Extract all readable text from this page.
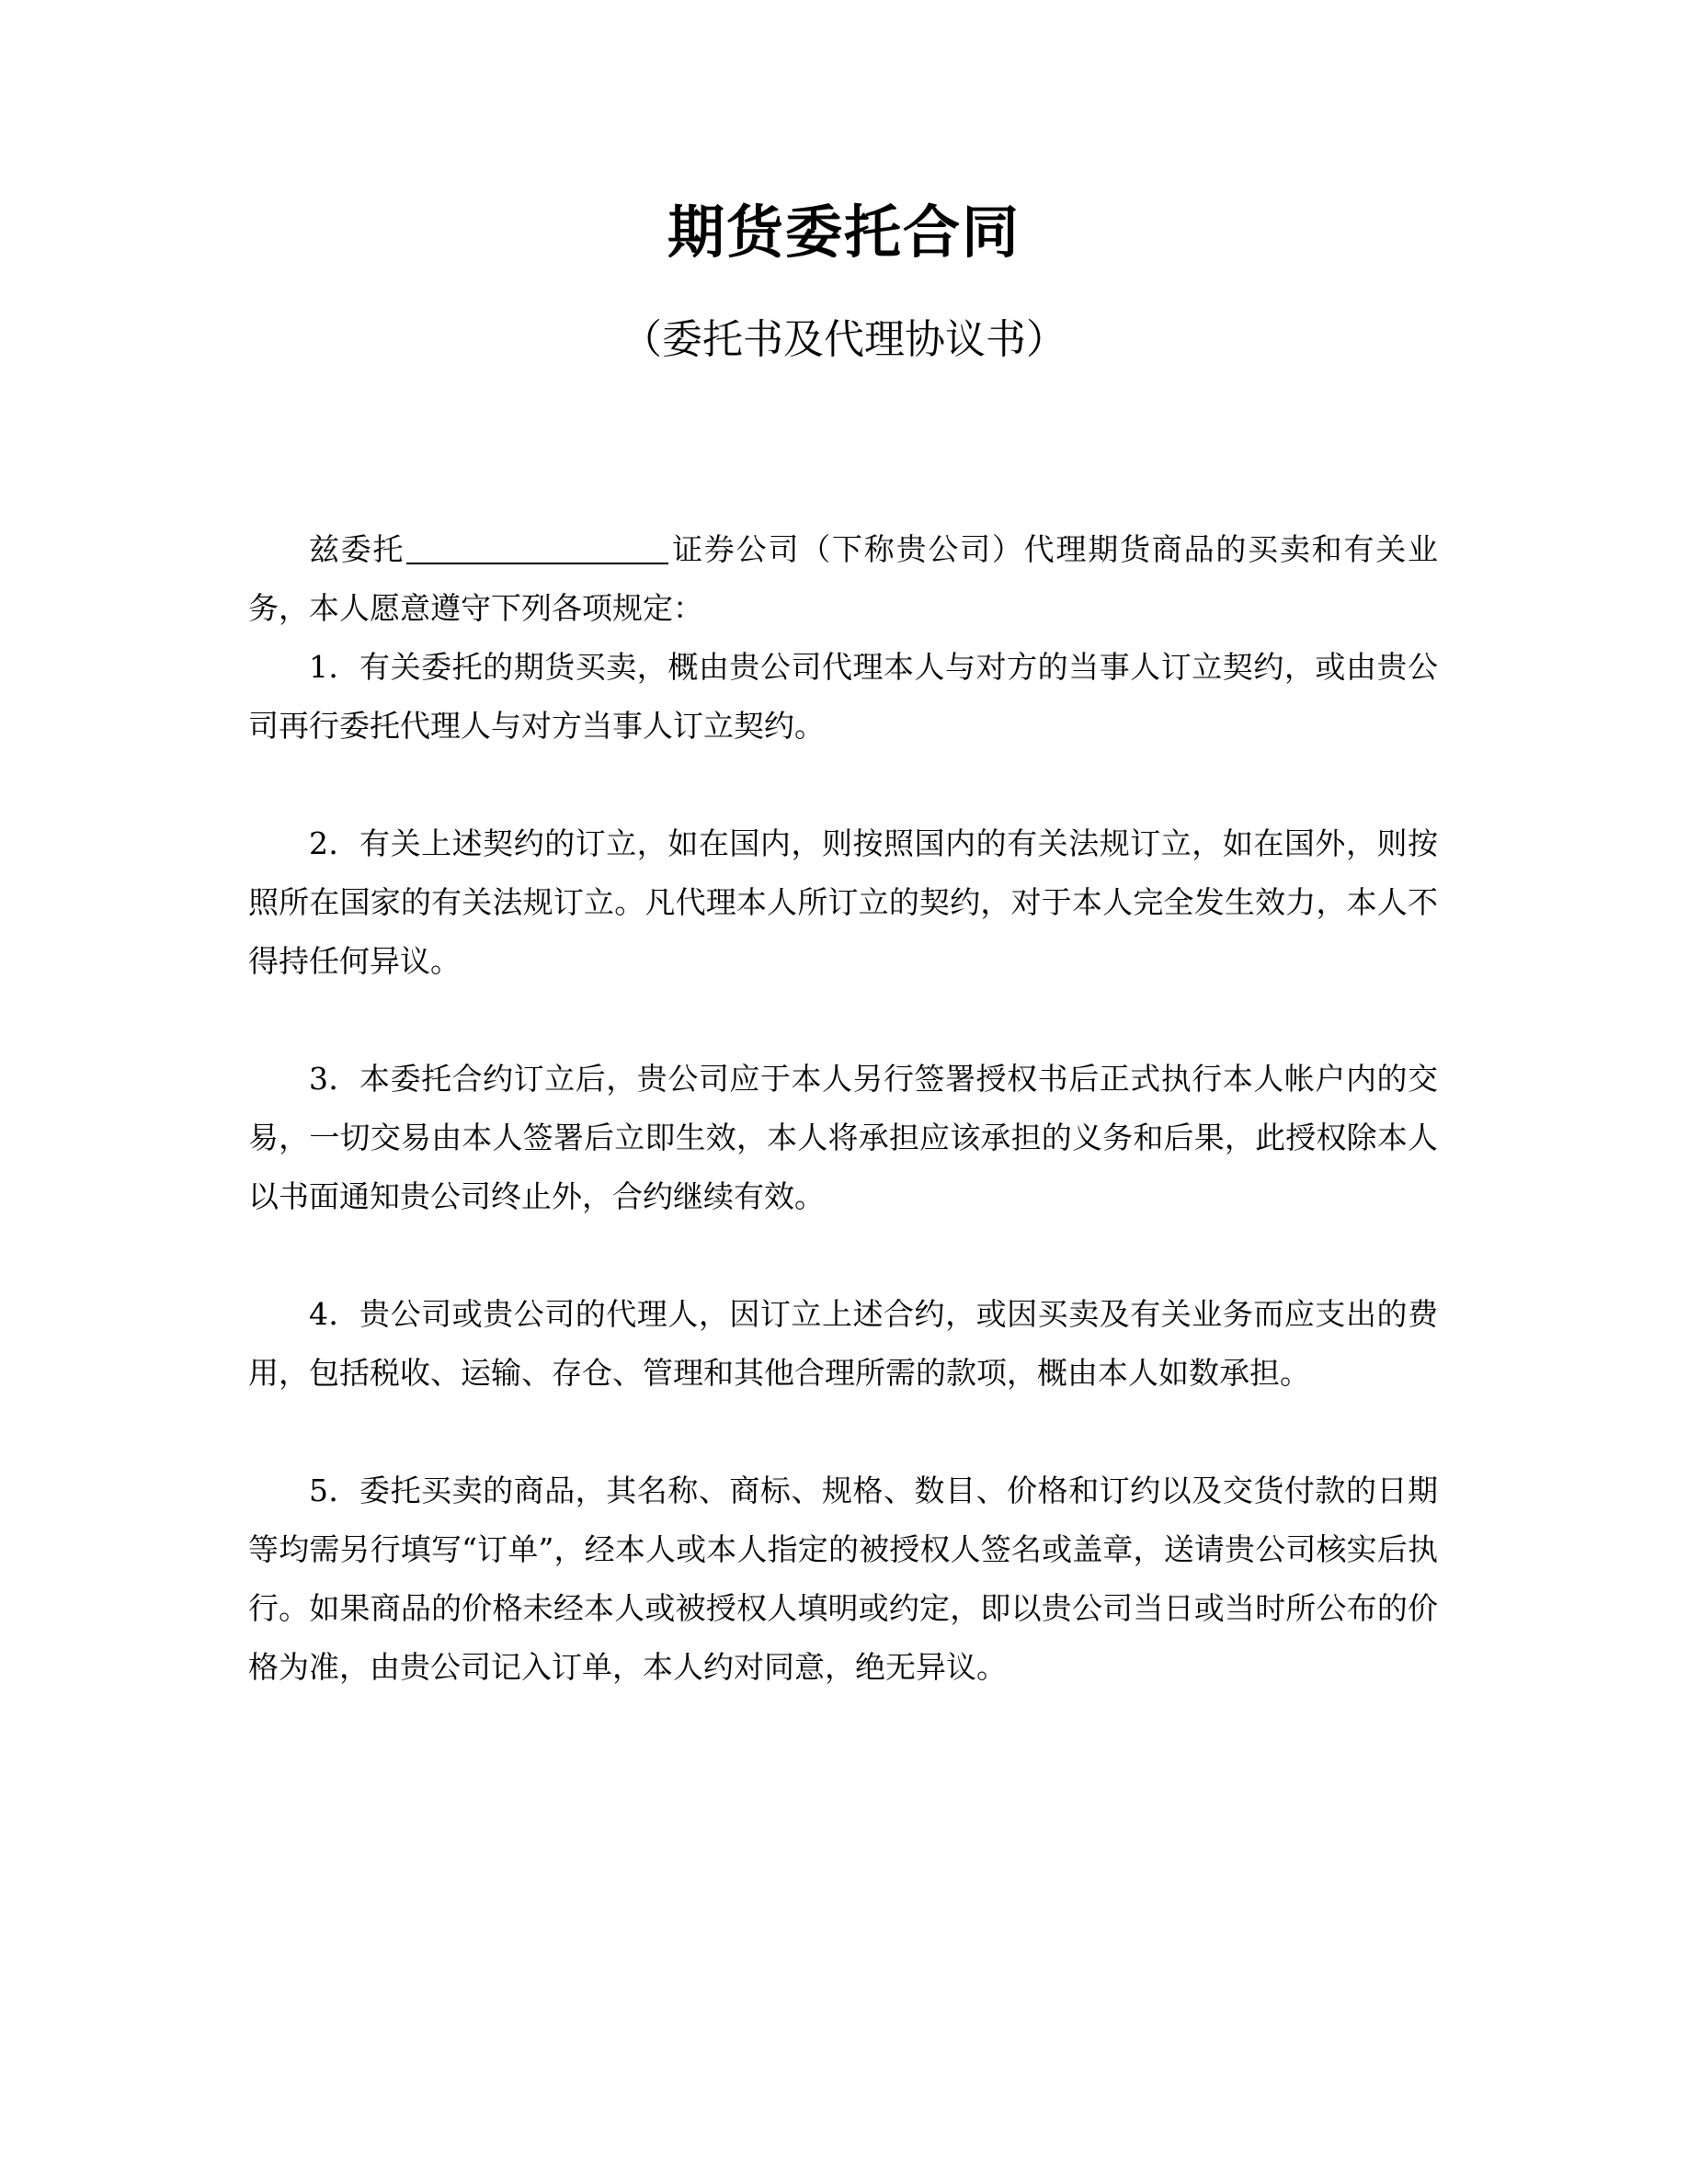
期货委托合同
（委托书及代理协议书）

兹委托	证券公司（下称贵公司）代理期货商品的买卖和有关业务，本人愿意遵守下列各项规定：

1．有关委托的期货买卖，概由贵公司代理本人与对方的当事人订立契约，或由贵公司再行委托代理人与对方当事人订立契约。

2．有关上述契约的订立，如在国内，则按照国内的有关法规订立，如在国外，则按照所在国家的有关法规订立。凡代理本人所订立的契约，对于本人完全发生效力，本人不得持任何异议。

3．本委托合约订立后，贵公司应于本人另行签署授权书后正式执行本人帐户内的交易，一切交易由本人签署后立即生效，本人将承担应该承担的义务和后果，此授权除本人以书面通知贵公司终止外，合约继续有效。

4．贵公司或贵公司的代理人，因订立上述合约，或因买卖及有关业务而应支出的费用，包括税收、运输、存仓、管理和其他合理所需的款项，概由本人如数承担。

5．委托买卖的商品，其名称、商标、规格、数目、价格和订约以及交货付款的日期等均需另行填写“订单”，经本人或本人指定的被授权人签名或盖章，送请贵公司核实后执行。如果商品的价格未经本人或被授权人填明或约定，即以贵公司当日或当时所公布的价格为准，由贵公司记入订单，本人约对同意，绝无异议。
